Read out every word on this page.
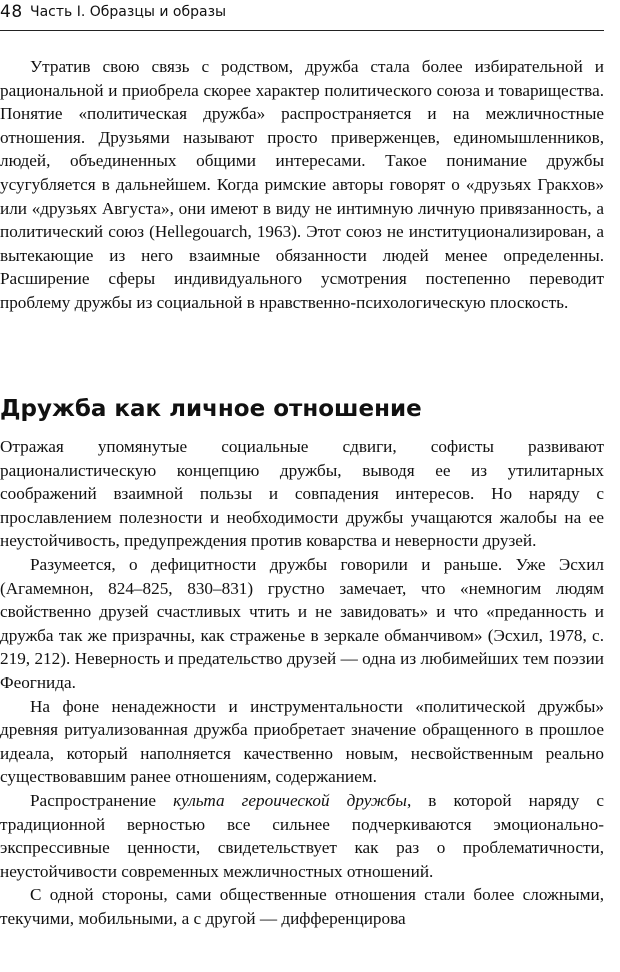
48 Часть I. Образцы и образы

Утратив свою связь с родством, дружба стала более избирательной и рациональной и приобрела скорее характер политического союза и товарищества. Понятие «политическая дружба» распространяется и на межличностные отношения. Друзьями называют просто приверженцев, единомышленников, людей, объединенных общими интересами. Такое понимание дружбы усугубляется в дальнейшем. Когда римские авторы говорят о «друзьях Гракхов» или «друзьях Августа», они имеют в виду не интимную личную привязанность, а политический союз (Hellegouarch, 1963). Этот союз не институционализирован, а вытекающие из него взаимные обязанности людей менее определенны. Расширение сферы индивидуального усмотрения постепенно переводит проблему дружбы из социальной в нравственно-психологическую плоскость.

Дружба как личное отношение

Отражая упомянутые социальные сдвиги, софисты развивают рационалистическую концепцию дружбы, выводя ее из утилитарных соображений взаимной пользы и совпадения интересов. Но наряду с прославлением полезности и необходимости дружбы учащаются жалобы на ее неустойчивость, предупреждения против коварства и неверности друзей.

Разумеется, о дефицитности дружбы говорили и раньше. Уже Эсхил (Агамемнон, 824–825, 830–831) грустно замечает, что «немногим людям свойственно друзей счастливых чтить и не завидовать» и что «преданность и дружба так же призрачны, как страженье в зеркале обманчивом» (Эсхил, 1978, с. 219, 212). Неверность и предательство друзей — одна из любимейших тем поэзии Феогнида.

На фоне ненадежности и инструментальности «политической дружбы» древняя ритуализованная дружба приобретает значение обращенного в прошлое идеала, который наполняется качественно новым, несвойственным реально существовавшим ранее отношениям, содержанием.

Распространение культа героической дружбы, в которой наряду с традиционной верностью все сильнее подчеркиваются эмоционально-экспрессивные ценности, свидетельствует как раз о проблематичности, неустойчивости современных межличностных отношений.

С одной стороны, сами общественные отношения стали более сложными, текучими, мобильными, а с другой — дифференцирова
